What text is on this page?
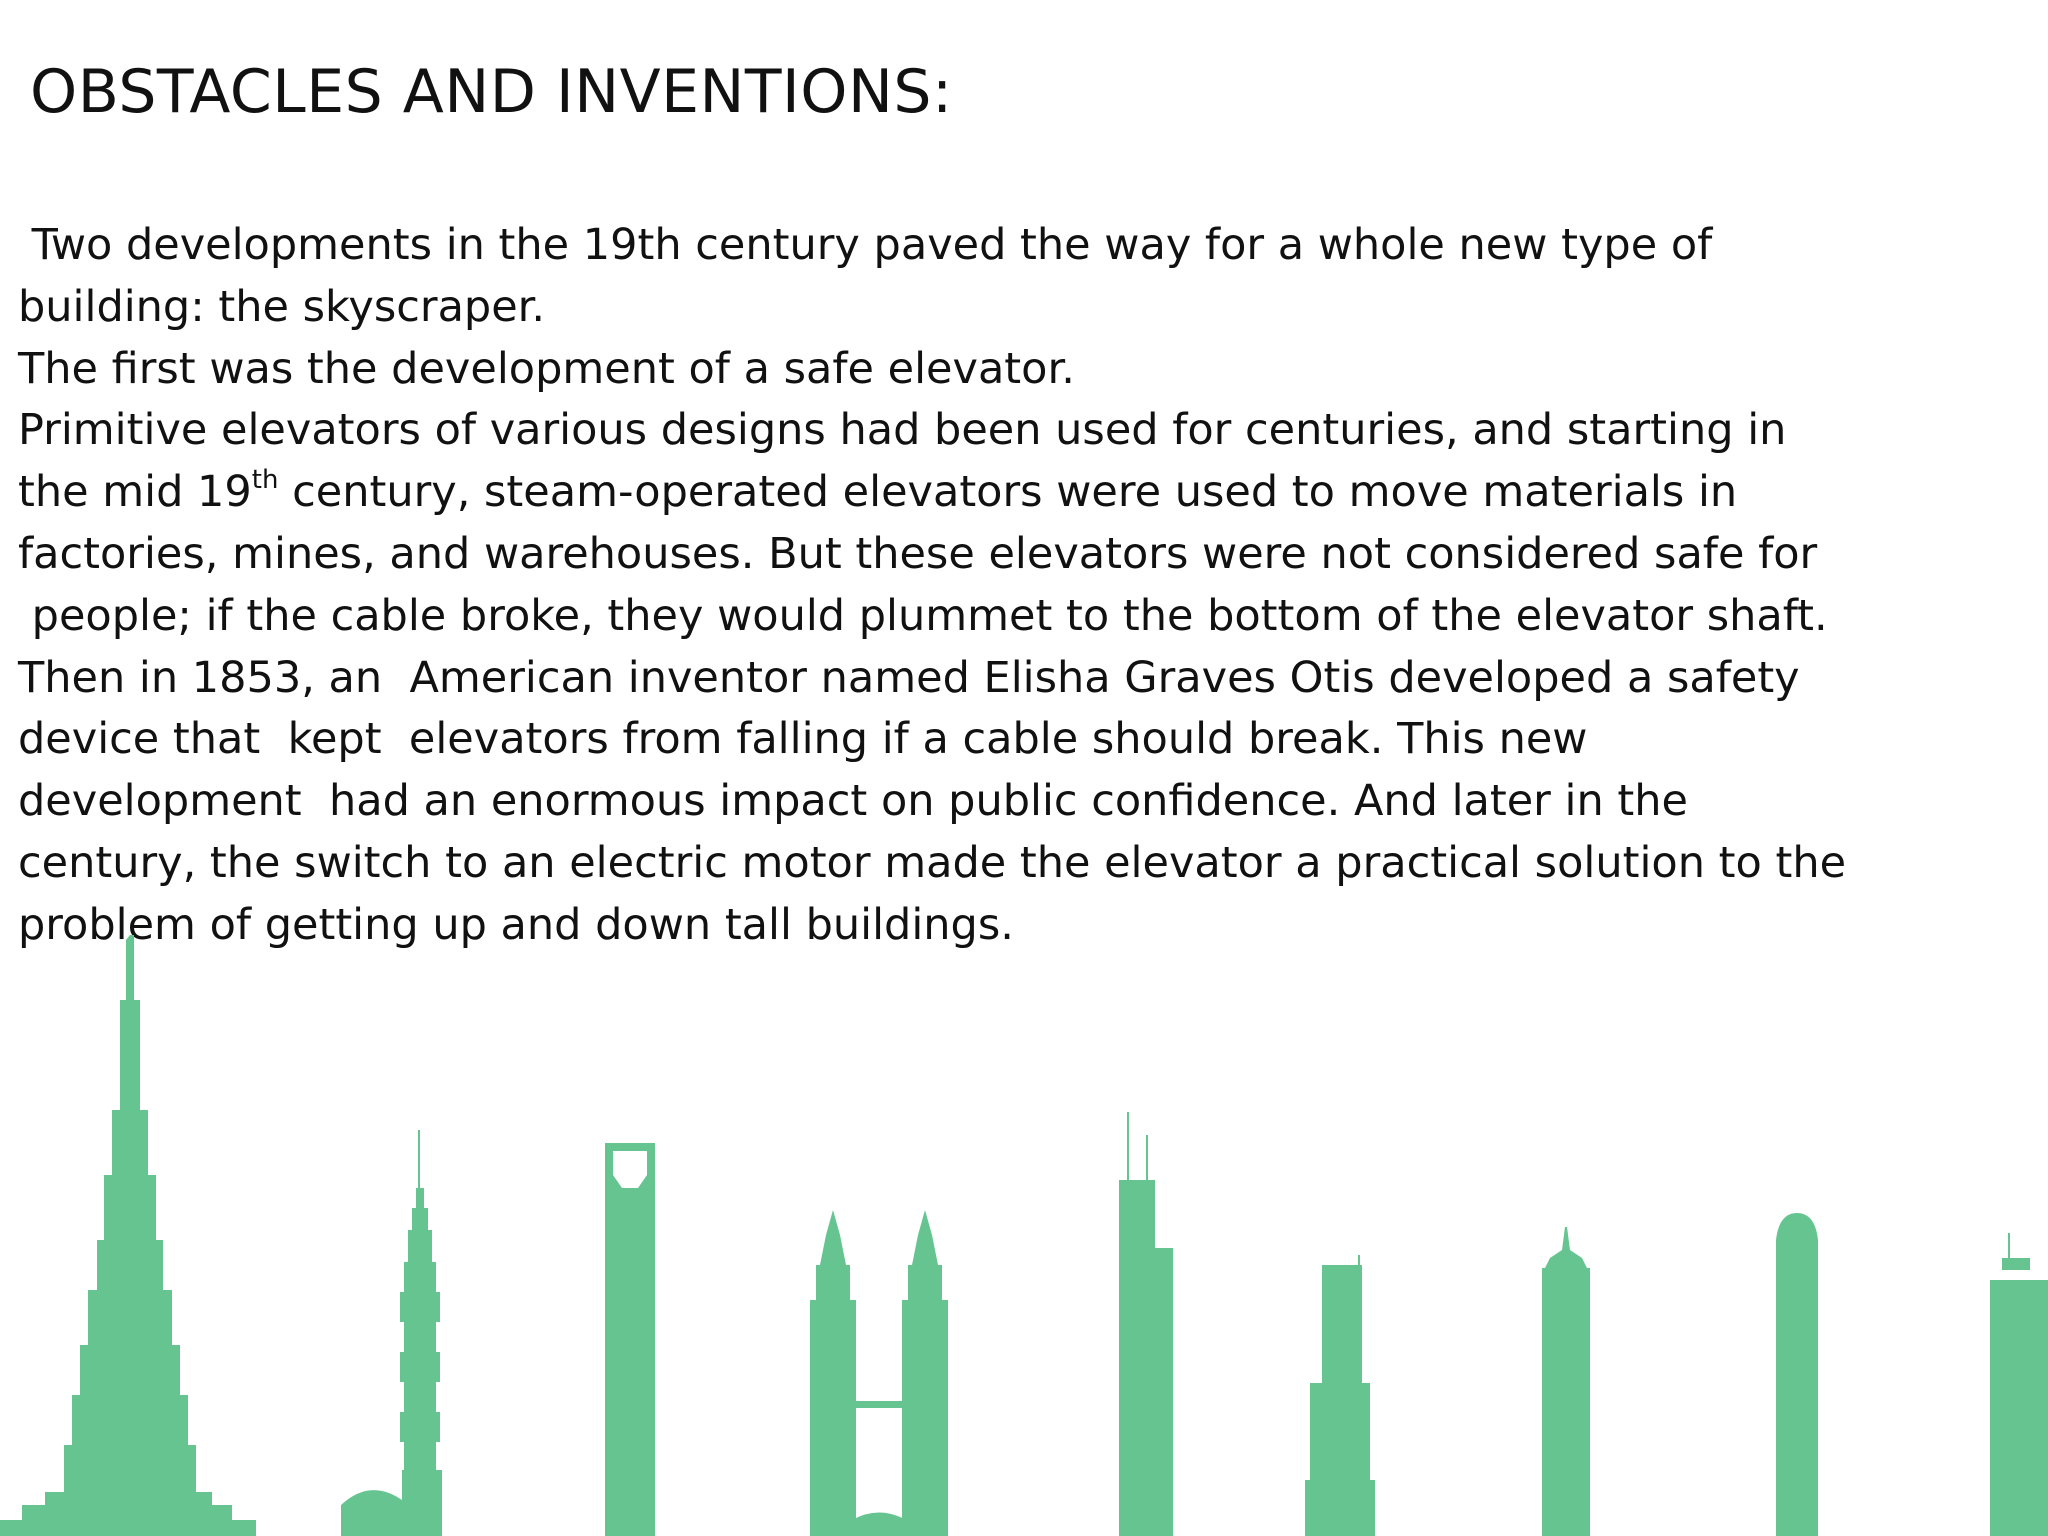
OBSTACLES AND INVENTIONS:
Two developments in the 19th century paved the way for a whole new type of
building: the skyscraper.
The first was the development of a safe elevator.
Primitive elevators of various designs had been used for centuries, and starting in
the mid 19th century, steam-operated elevators were used to move materials in
factories, mines, and warehouses. But these elevators were not considered safe for
people; if the cable broke, they would plummet to the bottom of the elevator shaft.
Then in 1853, an  American inventor named Elisha Graves Otis developed a safety
device that  kept  elevators from falling if a cable should break. This new
development  had an enormous impact on public confidence. And later in the
century, the switch to an electric motor made the elevator a practical solution to the
problem of getting up and down tall buildings.
